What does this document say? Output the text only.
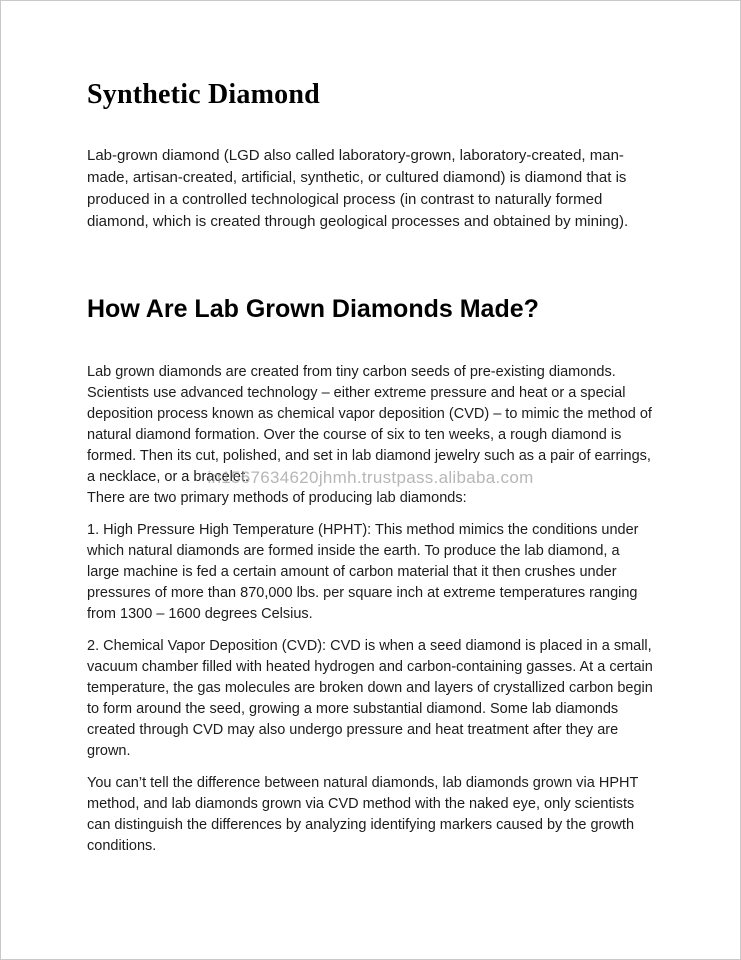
Synthetic Diamond

Lab-grown diamond (LGD also called laboratory-grown, laboratory-created, man-made, artisan-created, artificial, synthetic, or cultured diamond) is diamond that is produced in a controlled technological process (in contrast to naturally formed diamond, which is created through geological processes and obtained by mining).

How Are Lab Grown Diamonds Made?

Lab grown diamonds are created from tiny carbon seeds of pre-existing diamonds. Scientists use advanced technology – either extreme pressure and heat or a special deposition process known as chemical vapor deposition (CVD) – to mimic the method of natural diamond formation. Over the course of six to ten weeks, a rough diamond is formed. Then its cut, polished, and set in lab diamond jewelry such as a pair of earrings, a necklace, or a bracelet.

There are two primary methods of producing lab diamonds:

1. High Pressure High Temperature (HPHT): This method mimics the conditions under which natural diamonds are formed inside the earth. To produce the lab diamond, a large machine is fed a certain amount of carbon material that it then crushes under pressures of more than 870,000 lbs. per square inch at extreme temperatures ranging from 1300 – 1600 degrees Celsius.

2. Chemical Vapor Deposition (CVD): CVD is when a seed diamond is placed in a small, vacuum chamber filled with heated hydrogen and carbon-containing gasses. At a certain temperature, the gas molecules are broken down and layers of crystallized carbon begin to form around the seed, growing a more substantial diamond. Some lab diamonds created through CVD may also undergo pressure and heat treatment after they are grown.

You can’t tell the difference between natural diamonds, lab diamonds grown via HPHT method, and lab diamonds grown via CVD method with the naked eye, only scientists can distinguish the differences by analyzing identifying markers caused by the growth conditions.

in1567634620jhmh.trustpass.alibaba.com
